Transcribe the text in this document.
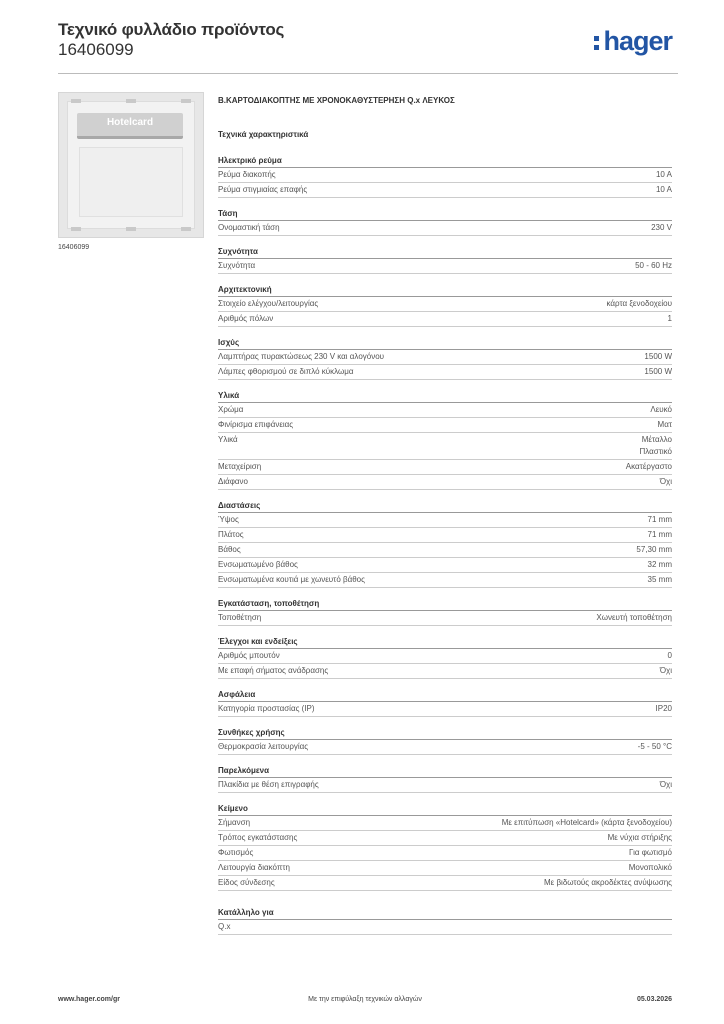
Τεχνικό φυλλάδιο προϊόντος
16406099	hager
Hotelcard
16406099
Β.ΚΑΡΤΟΔΙΑΚΟΠΤΗΣ ΜΕ ΧΡΟΝΟΚΑΘΥΣΤΕΡΗΣΗ Q.x ΛΕΥΚΟΣ
Τεχνικά χαρακτηριστικά
Ηλεκτρικό ρεύμα
Ρεύμα διακοπής	10 A
Ρεύμα στιγμιαίας επαφής	10 A
Τάση
Ονομαστική τάση	230 V
Συχνότητα
Συχνότητα	50 - 60 Hz
Αρχιτεκτονική
Στοιχείο ελέγχου/λειτουργίας	κάρτα ξενοδοχείου
Αριθμός πόλων	1
Ισχύς
Λαμπτήρας πυρακτώσεως 230 V και αλογόνου	1500 W
Λάμπες φθορισμού σε διπλό κύκλωμα	1500 W
Υλικά
Χρώμα	Λευκό
Φινίρισμα επιφάνειας	Ματ
Υλικά	Μέταλλο
Πλαστικό
Μεταχείριση	Ακατέργαστο
Διάφανο	Όχι
Διαστάσεις
Ύψος	71 mm
Πλάτος	71 mm
Βάθος	57,30 mm
Ενσωματωμένο βάθος	32 mm
Ενσωματωμένα κουτιά με χωνευτό βάθος	35 mm
Εγκατάσταση, τοποθέτηση
Τοποθέτηση	Χωνευτή τοποθέτηση
Έλεγχοι και ενδείξεις
Αριθμός μπουτόν	0
Με επαφή σήματος ανάδρασης	Όχι
Ασφάλεια
Κατηγορία προστασίας (IP)	IP20
Συνθήκες χρήσης
Θερμοκρασία λειτουργίας	-5 - 50 °C
Παρελκόμενα
Πλακίδια με θέση επιγραφής	Όχι
Κείμενο
Σήμανση	Με επιτύπωση «Hotelcard» (κάρτα ξενοδοχείου)
Τρόπος εγκατάστασης	Με νύχια στήριξης
Φωτισμός	Για φωτισμό
Λειτουργία διακόπτη	Μονοπολικό
Είδος σύνδεσης	Με βιδωτούς ακροδέκτες ανύψωσης
Κατάλληλο για
Q.x
www.hager.com/gr	Με την επιφύλαξη τεχνικών αλλαγών	05.03.2026
